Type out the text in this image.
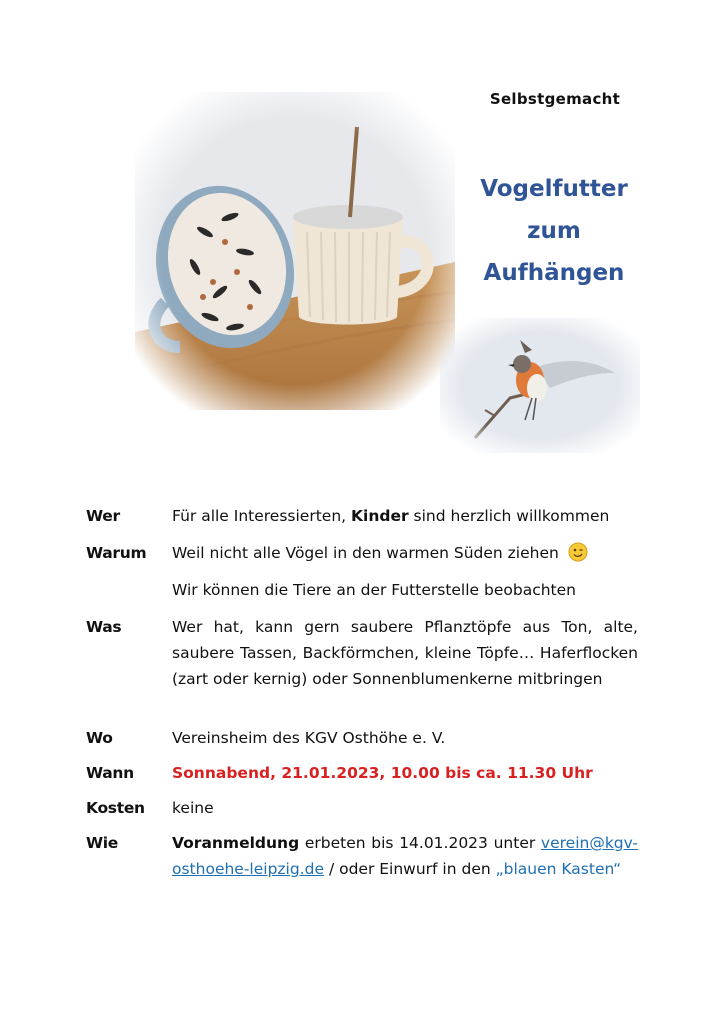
Selbstgemacht
Vogelfutter
zum
Aufhängen
Wer	Für alle Interessierten, Kinder sind herzlich willkommen
Warum Weil nicht alle Vögel in den warmen Süden ziehen
Wir können die Tiere an der Futterstelle beobachten
Was	Wer hat, kann gern saubere Pflanztöpfe aus Ton, alte, saubere Tassen, Backförmchen, kleine Töpfe… Haferflocken (zart oder kernig) oder Sonnenblumenkerne mitbringen
Wo	Vereinsheim des KGV Osthöhe e. V.
Wann Sonnabend, 21.01.2023, 10.00 bis ca. 11.30 Uhr
Kosten keine
Wie	Voranmeldung erbeten bis 14.01.2023 unter verein@kgv-osthoehe-leipzig.de / oder Einwurf in den „blauen Kasten“
